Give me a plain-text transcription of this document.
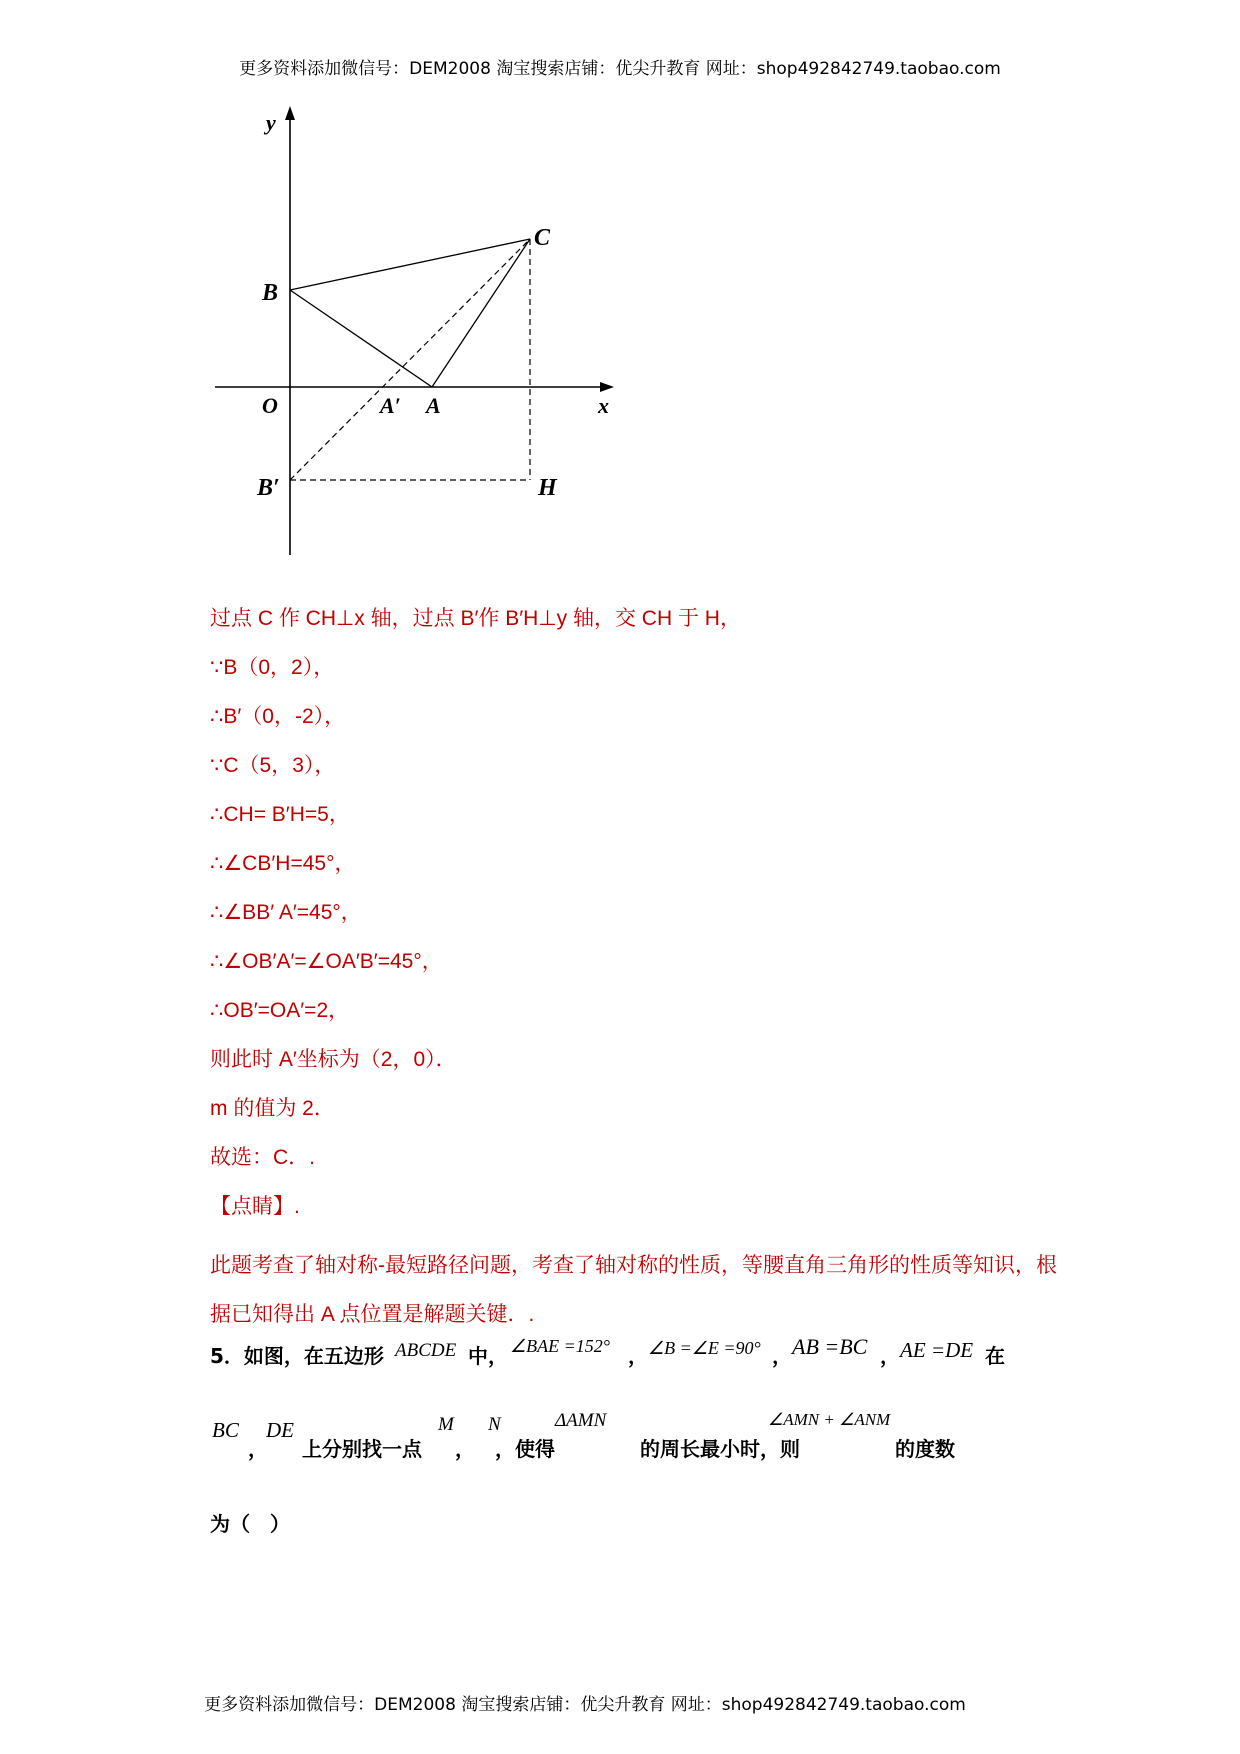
更多资料添加微信号：DEM2008 淘宝搜索店铺：优尖升教育 网址：shop492842749.taobao.com
y
x
O
B
C
A′ A
B′	H
过点 C 作 CH⊥x 轴，过点 B′作 B′H⊥y 轴，交 CH 于 H，
∵B（0，2），
∴B′（0，-2），
∵C（5，3），
∴CH= B′H=5，
∴∠CB′H=45°，
∴∠BB′ A′=45°，
∴∠OB′A′=∠OA′B′=45°，
∴OB′=OA′=2，
则此时 A′坐标为（2，0）．
m 的值为 2．
故选：C．.
【点睛】.
此题考查了轴对称-最短路径问题，考查了轴对称的性质，等腰直角三角形的性质等知识，根据已知得出 A 点位置是解题关键．.
5．如图，在五边形 ABCDE 中， ∠BAE =152° ， ∠B =∠E =90° ， AB =BC ， AE =DE 在
BC
，
DE
上分别找一点
M
，
N
，使得
ΔAMN
的周长最小时，则
∠AMN + ∠ANM
的度数
为（　）
更多资料添加微信号：DEM2008 淘宝搜索店铺：优尖升教育 网址：shop492842749.taobao.com
